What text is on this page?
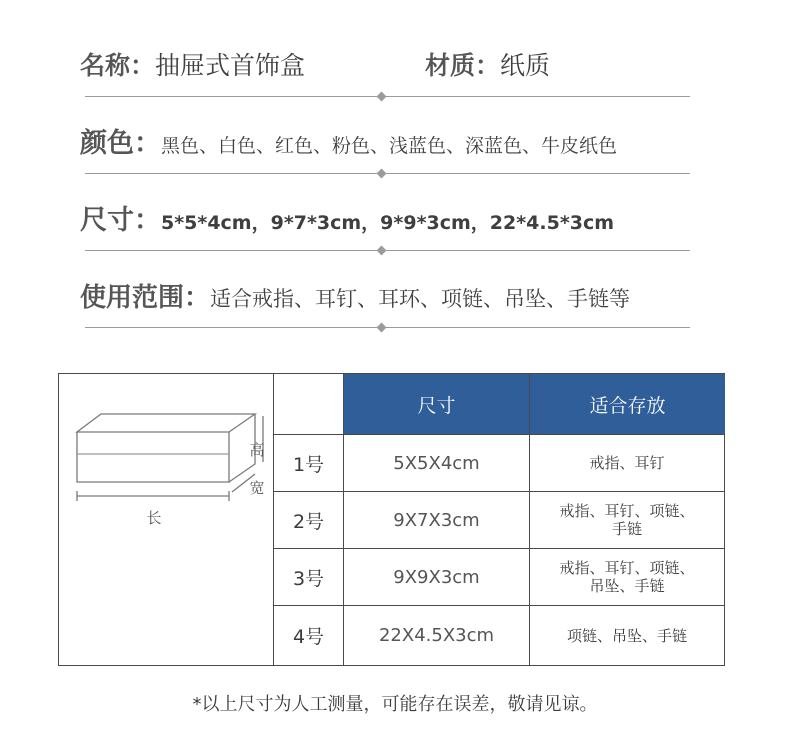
名称：抽屉式首饰盒	材质：纸质
颜色：黑色、白色、红色、粉色、浅蓝色、深蓝色、牛皮纸色
尺寸：5*5*4cm，9*7*3cm，9*9*3cm，22*4.5*3cm
使用范围：适合戒指、耳钉、耳环、项链、吊坠、手链等
高
宽
长
尺寸	适合存放
1号	5X5X4cm	戒指、耳钉
2号	9X7X3cm	戒指、耳钉、项链、
手链
3号	9X9X3cm	戒指、耳钉、项链、
吊坠、手链
4号	22X4.5X3cm	项链、吊坠、手链
*以上尺寸为人工测量，可能存在误差，敬请见谅。
